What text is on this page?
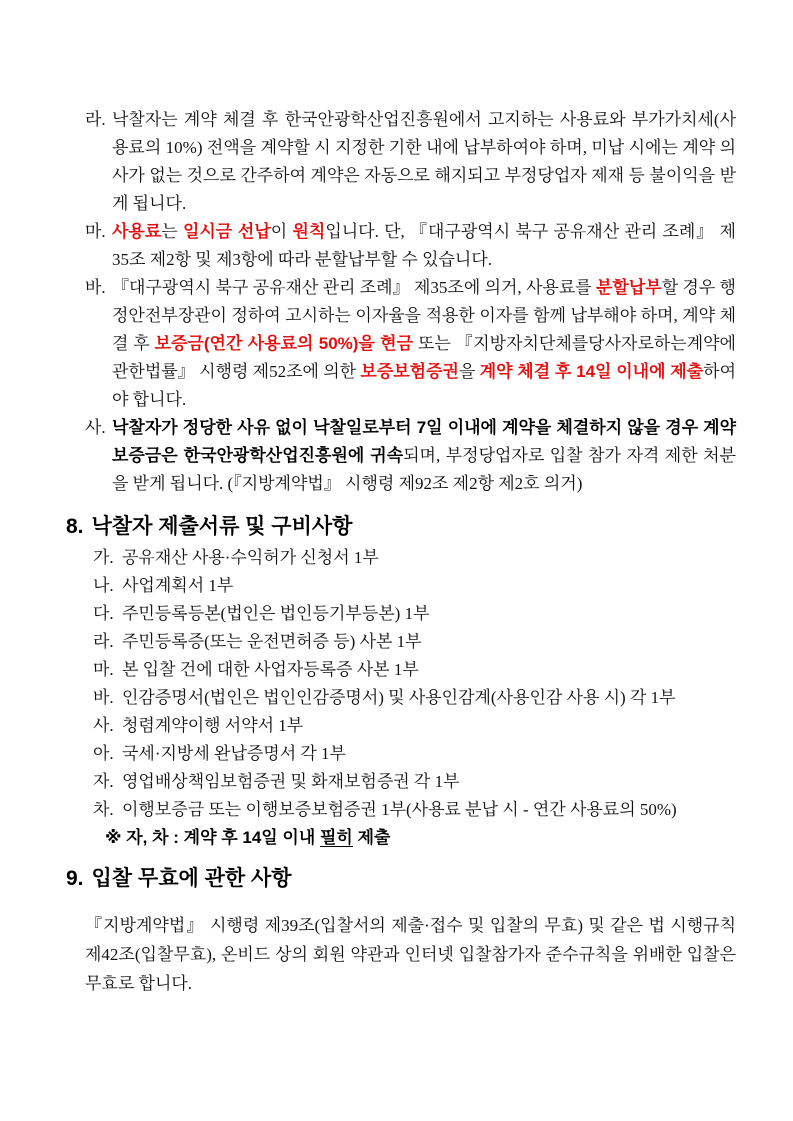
라. 낙찰자는 계약 체결 후 한국안광학산업진흥원에서 고지하는 사용료와 부가가치세(사용료의 10%) 전액을 계약할 시 지정한 기한 내에 납부하여야 하며, 미납 시에는 계약 의사가 없는 것으로 간주하여 계약은 자동으로 해지되고 부정당업자 제재 등 불이익을 받게 됩니다.
마. 사용료는 일시금 선납이 원칙입니다. 단, 『대구광역시 북구 공유재산 관리 조례』 제35조 제2항 및 제3항에 따라 분할납부할 수 있습니다.
바. 『대구광역시 북구 공유재산 관리 조례』 제35조에 의거, 사용료를 분할납부할 경우 행정안전부장관이 정하여 고시하는 이자율을 적용한 이자를 함께 납부해야 하며, 계약 체결 후 보증금(연간 사용료의 50%)을 현금 또는 『지방자치단체를당사자로하는계약에관한법률』 시행령 제52조에 의한 보증보험증권을 계약 체결 후 14일 이내에 제출하여야 합니다.
사. 낙찰자가 정당한 사유 없이 낙찰일로부터 7일 이내에 계약을 체결하지 않을 경우 계약보증금은 한국안광학산업진흥원에 귀속되며, 부정당업자로 입찰 참가 자격 제한 처분을 받게 됩니다. (『지방계약법』 시행령 제92조 제2항 제2호 의거)
8. 낙찰자 제출서류 및 구비사항
가. 공유재산 사용·수익허가 신청서 1부
나. 사업계획서 1부
다. 주민등록등본(법인은 법인등기부등본) 1부
라. 주민등록증(또는 운전면허증 등) 사본 1부
마. 본 입찰 건에 대한 사업자등록증 사본 1부
바. 인감증명서(법인은 법인인감증명서) 및 사용인감계(사용인감 사용 시) 각 1부
사. 청렴계약이행 서약서 1부
아. 국세·지방세 완납증명서 각 1부
자. 영업배상책임보험증권 및 화재보험증권 각 1부
차. 이행보증금 또는 이행보증보험증권 1부(사용료 분납 시 - 연간 사용료의 50%)
※ 자, 차 : 계약 후 14일 이내 필히 제출
9. 입찰 무효에 관한 사항

『지방계약법』 시행령 제39조(입찰서의 제출·접수 및 입찰의 무효) 및 같은 법 시행규칙 제42조(입찰무효), 온비드 상의 회원 약관과 인터넷 입찰참가자 준수규칙을 위배한 입찰은 무효로 합니다.
